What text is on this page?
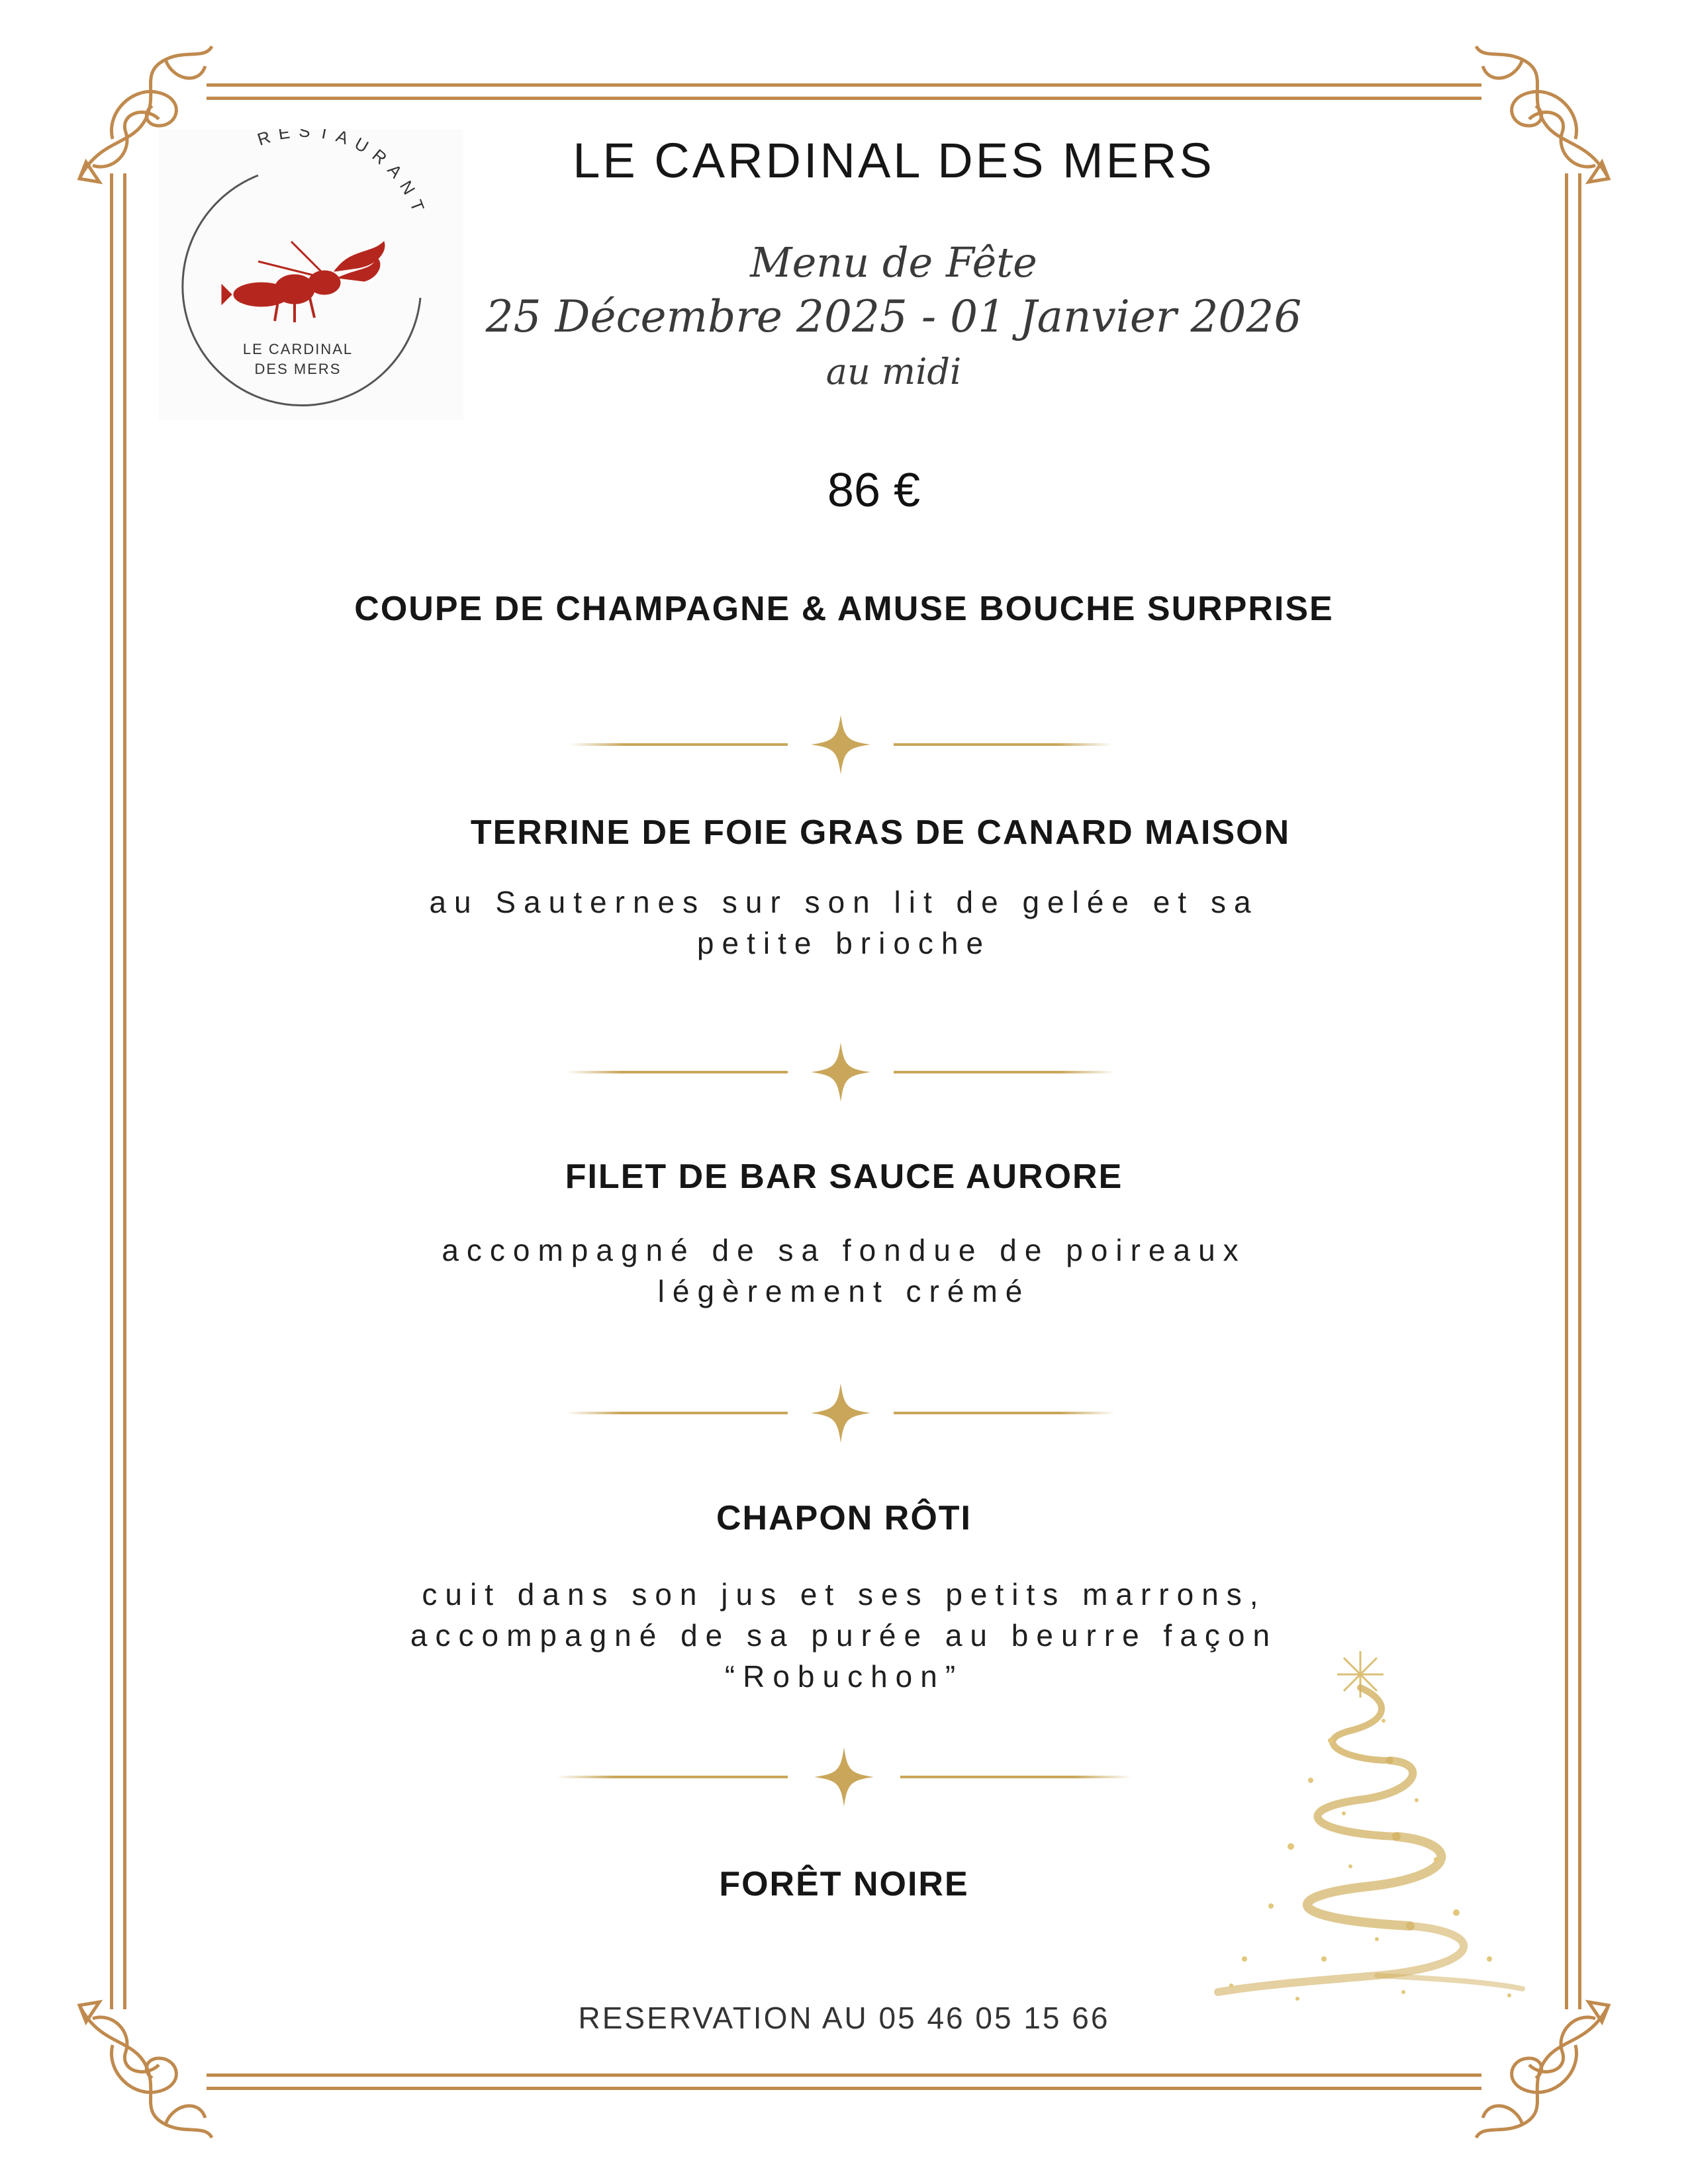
RESTAURANT
LE CARDINAL
DES MERS
LE CARDINAL DES MERS
Menu de Fête
25 Décembre 2025 - 01 Janvier 2026
au midi
86 €
COUPE DE CHAMPAGNE & AMUSE BOUCHE SURPRISE
TERRINE DE FOIE GRAS DE CANARD MAISON
au Sauternes sur son lit de gelée et sa
petite brioche
FILET DE BAR SAUCE AURORE
accompagné de sa fondue de poireaux
légèrement crémé
CHAPON RÔTI
cuit dans son jus et ses petits marrons,
accompagné de sa purée au beurre façon
“Robuchon”
FORÊT NOIRE
RESERVATION AU 05 46 05 15 66
